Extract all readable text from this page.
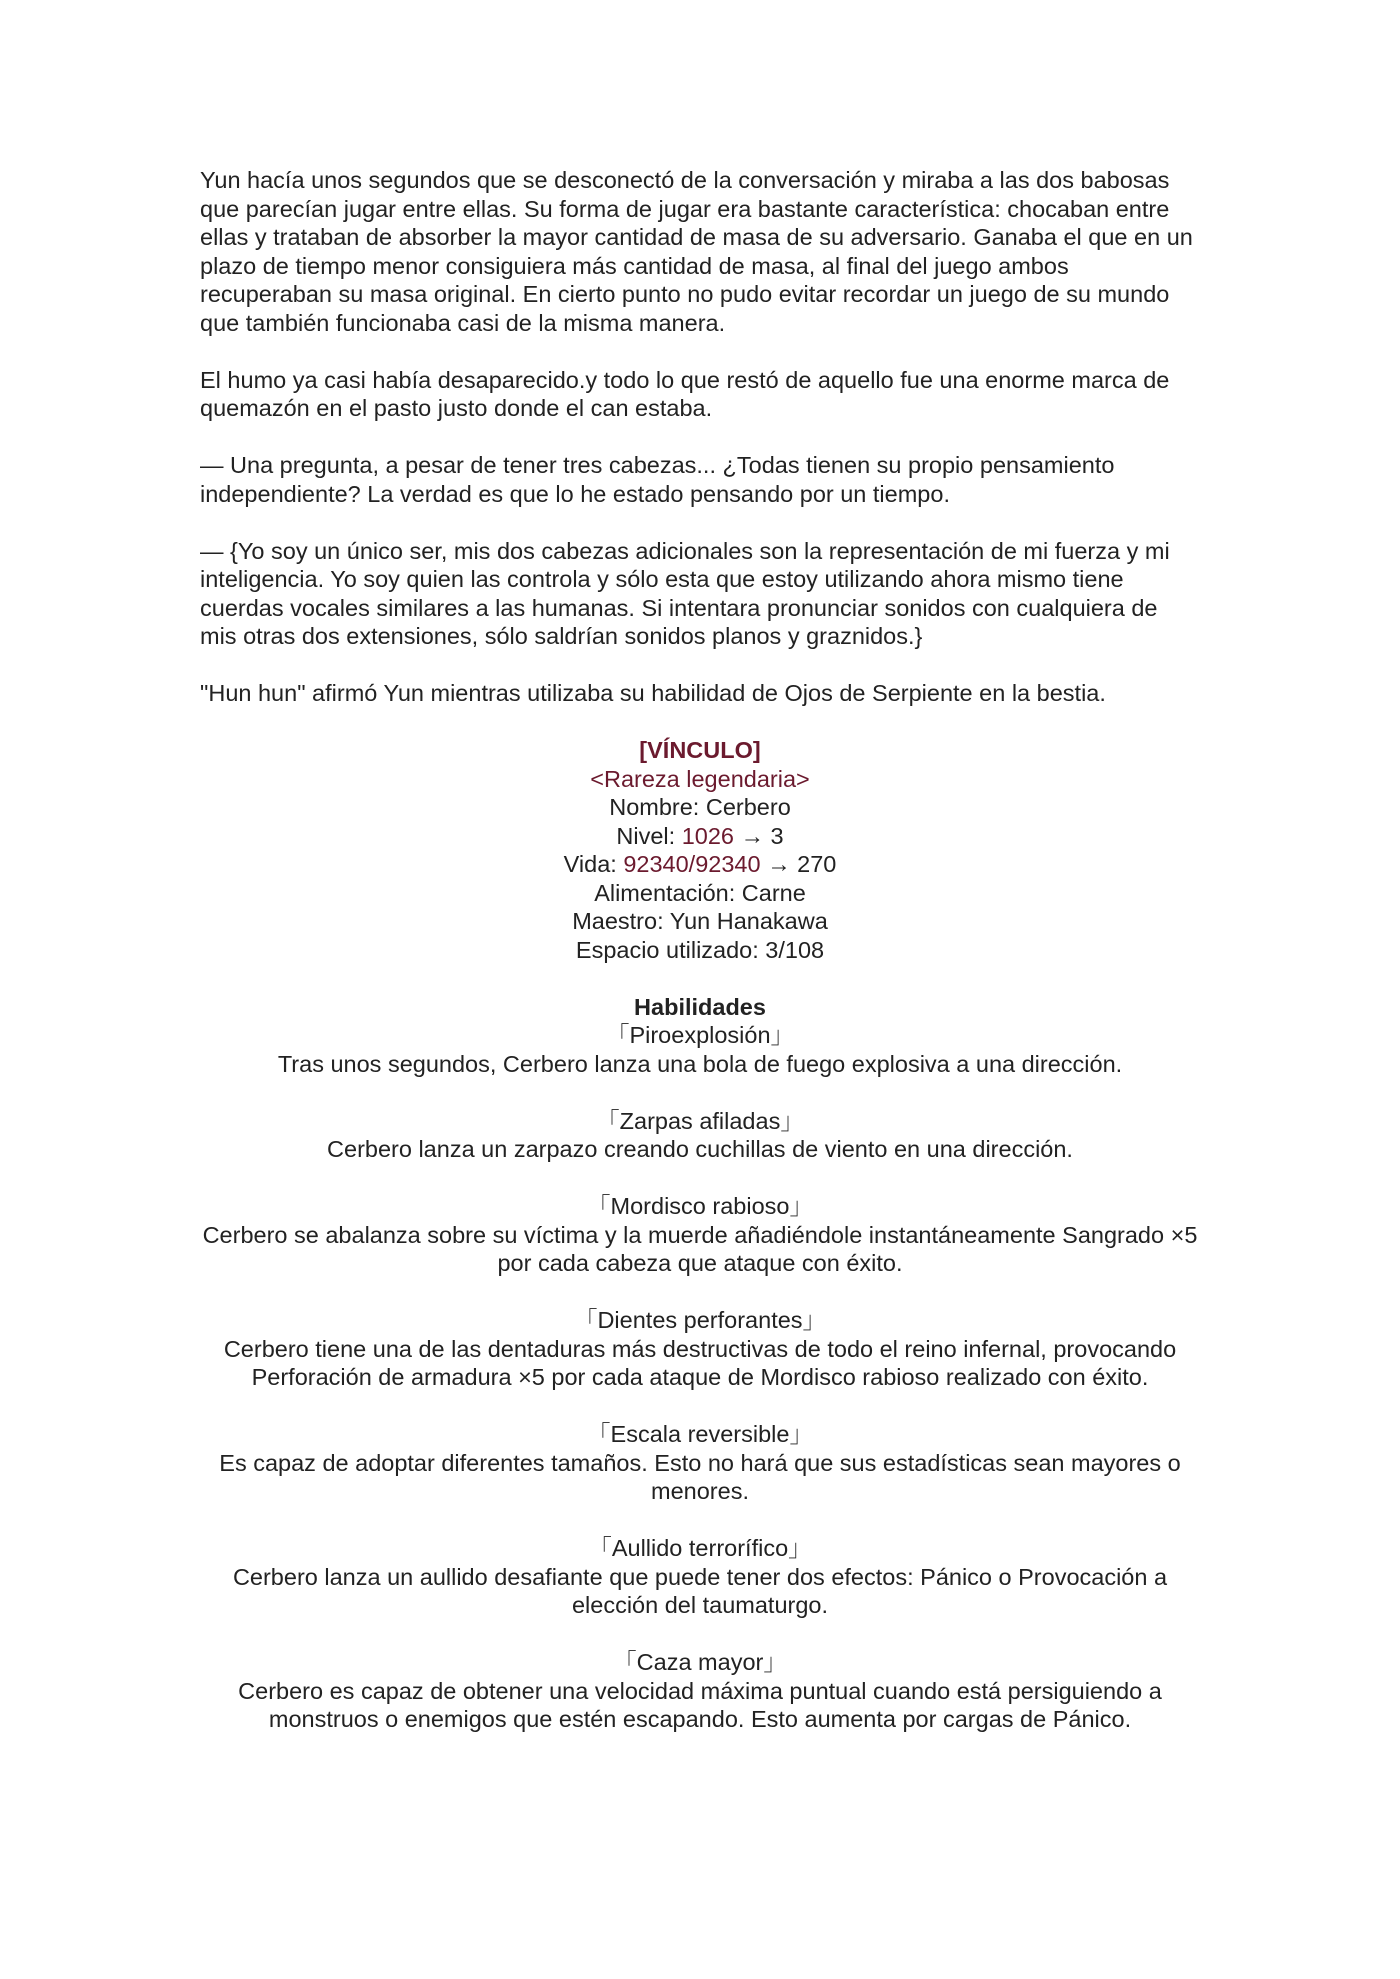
Yun hacía unos segundos que se desconectó de la conversación y miraba a las dos babosas que parecían jugar entre ellas. Su forma de jugar era bastante característica: chocaban entre ellas y trataban de absorber la mayor cantidad de masa de su adversario. Ganaba el que en un plazo de tiempo menor consiguiera más cantidad de masa, al final del juego ambos recuperaban su masa original. En cierto punto no pudo evitar recordar un juego de su mundo que también funcionaba casi de la misma manera.

El humo ya casi había desaparecido.y todo lo que restó de aquello fue una enorme marca de quemazón en el pasto justo donde el can estaba.

— Una pregunta, a pesar de tener tres cabezas... ¿Todas tienen su propio pensamiento independiente? La verdad es que lo he estado pensando por un tiempo.

— {Yo soy un único ser, mis dos cabezas adicionales son la representación de mi fuerza y mi inteligencia. Yo soy quien las controla y sólo esta que estoy utilizando ahora mismo tiene cuerdas vocales similares a las humanas. Si intentara pronunciar sonidos con cualquiera de mis otras dos extensiones, sólo saldrían sonidos planos y graznidos.}

"Hun hun" afirmó Yun mientras utilizaba su habilidad de Ojos de Serpiente en la bestia.

[VÍNCULO]
<Rareza legendaria>
Nombre: Cerbero
Nivel: 1026 → 3
Vida: 92340/92340 → 270
Alimentación: Carne
Maestro: Yun Hanakawa
Espacio utilizado: 3/108
Habilidades
「Piroexplosión」
Tras unos segundos, Cerbero lanza una bola de fuego explosiva a una dirección.
「Zarpas afiladas」
Cerbero lanza un zarpazo creando cuchillas de viento en una dirección.
「Mordisco rabioso」
Cerbero se abalanza sobre su víctima y la muerde añadiéndole instantáneamente Sangrado ×5 por cada cabeza que ataque con éxito.
「Dientes perforantes」
Cerbero tiene una de las dentaduras más destructivas de todo el reino infernal, provocando Perforación de armadura ×5 por cada ataque de Mordisco rabioso realizado con éxito.
「Escala reversible」
Es capaz de adoptar diferentes tamaños. Esto no hará que sus estadísticas sean mayores o menores.
「Aullido terrorífico」
Cerbero lanza un aullido desafiante que puede tener dos efectos: Pánico o Provocación a elección del taumaturgo.
「Caza mayor」
Cerbero es capaz de obtener una velocidad máxima puntual cuando está persiguiendo a monstruos o enemigos que estén escapando. Esto aumenta por cargas de Pánico.
